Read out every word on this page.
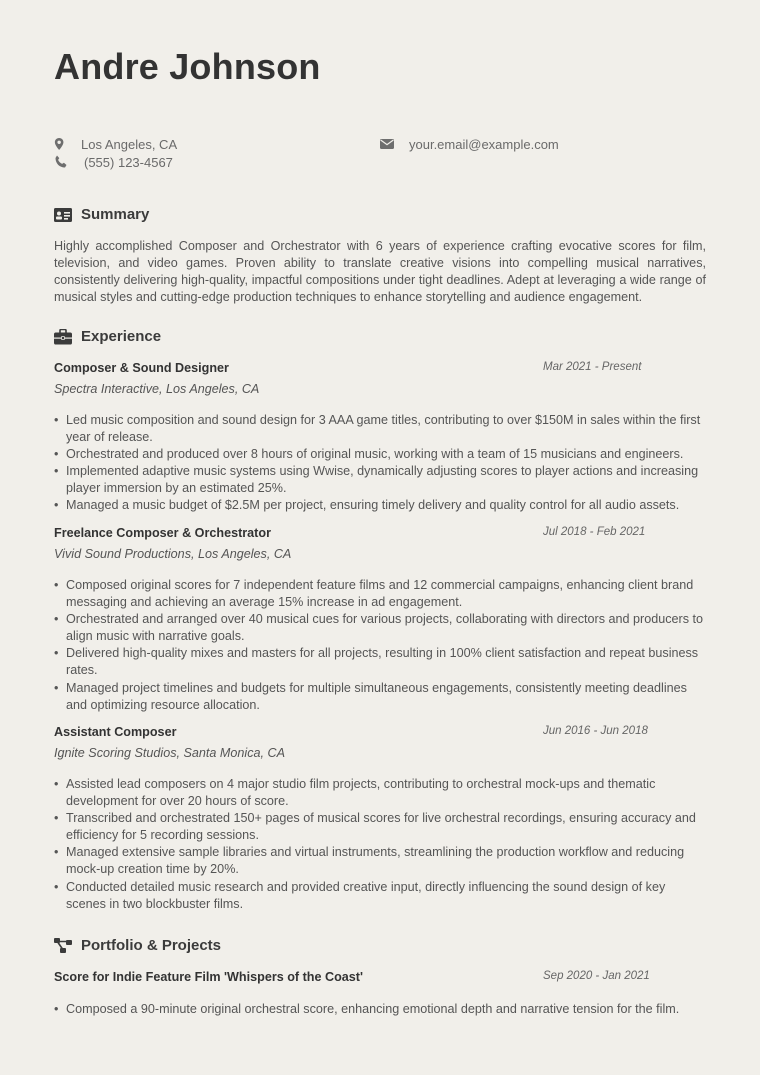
Andre Johnson
Los Angeles, CA
(555) 123-4567
your.email@example.com
Summary
Highly accomplished Composer and Orchestrator with 6 years of experience crafting evocative scores for film, television, and video games. Proven ability to translate creative visions into compelling musical narratives, consistently delivering high-quality, impactful compositions under tight deadlines. Adept at leveraging a wide range of musical styles and cutting-edge production techniques to enhance storytelling and audience engagement.
Experience
Composer & Sound Designer	Mar 2021 - Present
Spectra Interactive, Los Angeles, CA
• Led music composition and sound design for 3 AAA game titles, contributing to over $150M in sales within the first year of release.
• Orchestrated and produced over 8 hours of original music, working with a team of 15 musicians and engineers.
• Implemented adaptive music systems using Wwise, dynamically adjusting scores to player actions and increasing player immersion by an estimated 25%.
• Managed a music budget of $2.5M per project, ensuring timely delivery and quality control for all audio assets.
Freelance Composer & Orchestrator	Jul 2018 - Feb 2021
Vivid Sound Productions, Los Angeles, CA
• Composed original scores for 7 independent feature films and 12 commercial campaigns, enhancing client brand messaging and achieving an average 15% increase in ad engagement.
• Orchestrated and arranged over 40 musical cues for various projects, collaborating with directors and producers to align music with narrative goals.
• Delivered high-quality mixes and masters for all projects, resulting in 100% client satisfaction and repeat business rates.
• Managed project timelines and budgets for multiple simultaneous engagements, consistently meeting deadlines and optimizing resource allocation.
Assistant Composer	Jun 2016 - Jun 2018
Ignite Scoring Studios, Santa Monica, CA
• Assisted lead composers on 4 major studio film projects, contributing to orchestral mock-ups and thematic development for over 20 hours of score.
• Transcribed and orchestrated 150+ pages of musical scores for live orchestral recordings, ensuring accuracy and efficiency for 5 recording sessions.
• Managed extensive sample libraries and virtual instruments, streamlining the production workflow and reducing mock-up creation time by 20%.
• Conducted detailed music research and provided creative input, directly influencing the sound design of key scenes in two blockbuster films.
Portfolio & Projects
Score for Indie Feature Film 'Whispers of the Coast'	Sep 2020 - Jan 2021
• Composed a 90-minute original orchestral score, enhancing emotional depth and narrative tension for the film.
